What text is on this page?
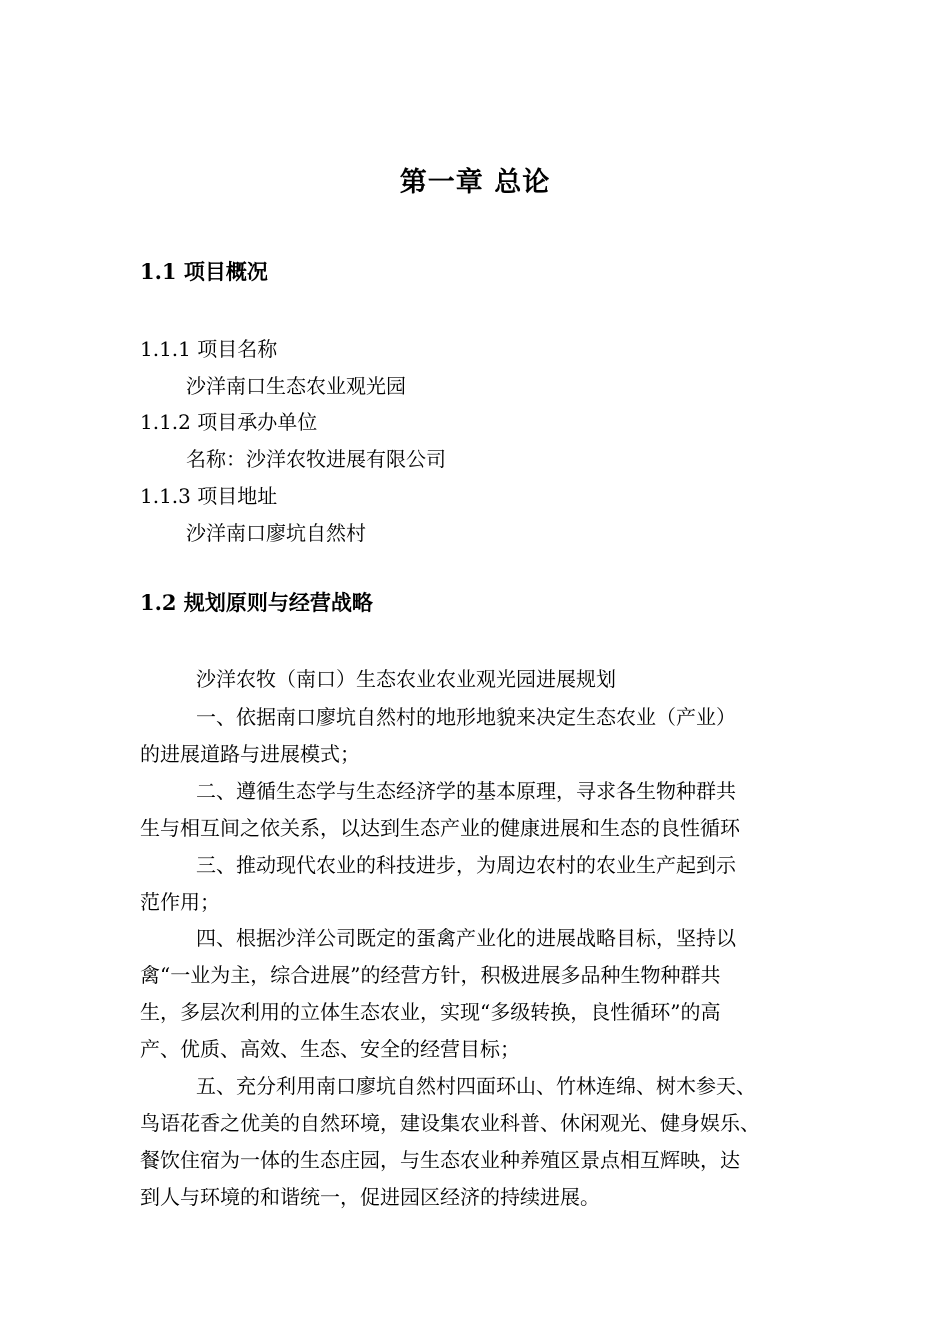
第一章 总论
1.1 项目概况

1.1.1 项目名称

沙洋南口生态农业观光园

1.1.2 项目承办单位

名称：沙洋农牧进展有限公司

1.1.3 项目地址

沙洋南口廖坑自然村

1.2 规划原则与经营战略

沙洋农牧（南口）生态农业农业观光园进展规划

一、依据南口廖坑自然村的地形地貌来决定生态农业（产业）

的进展道路与进展模式；

二、遵循生态学与生态经济学的基本原理，寻求各生物种群共

生与相互间之依关系，以达到生态产业的健康进展和生态的良性循环

三、推动现代农业的科技进步，为周边农村的农业生产起到示

范作用；

四、根据沙洋公司既定的蛋禽产业化的进展战略目标，坚持以

禽“一业为主，综合进展”的经营方针，积极进展多品种生物种群共

生，多层次利用的立体生态农业，实现“多级转换，良性循环”的高

产、优质、高效、生态、安全的经营目标；

五、充分利用南口廖坑自然村四面环山、竹林连绵、树木参天、

鸟语花香之优美的自然环境，建设集农业科普、休闲观光、健身娱乐、

餐饮住宿为一体的生态庄园，与生态农业种养殖区景点相互辉映，达

到人与环境的和谐统一，促进园区经济的持续进展。
